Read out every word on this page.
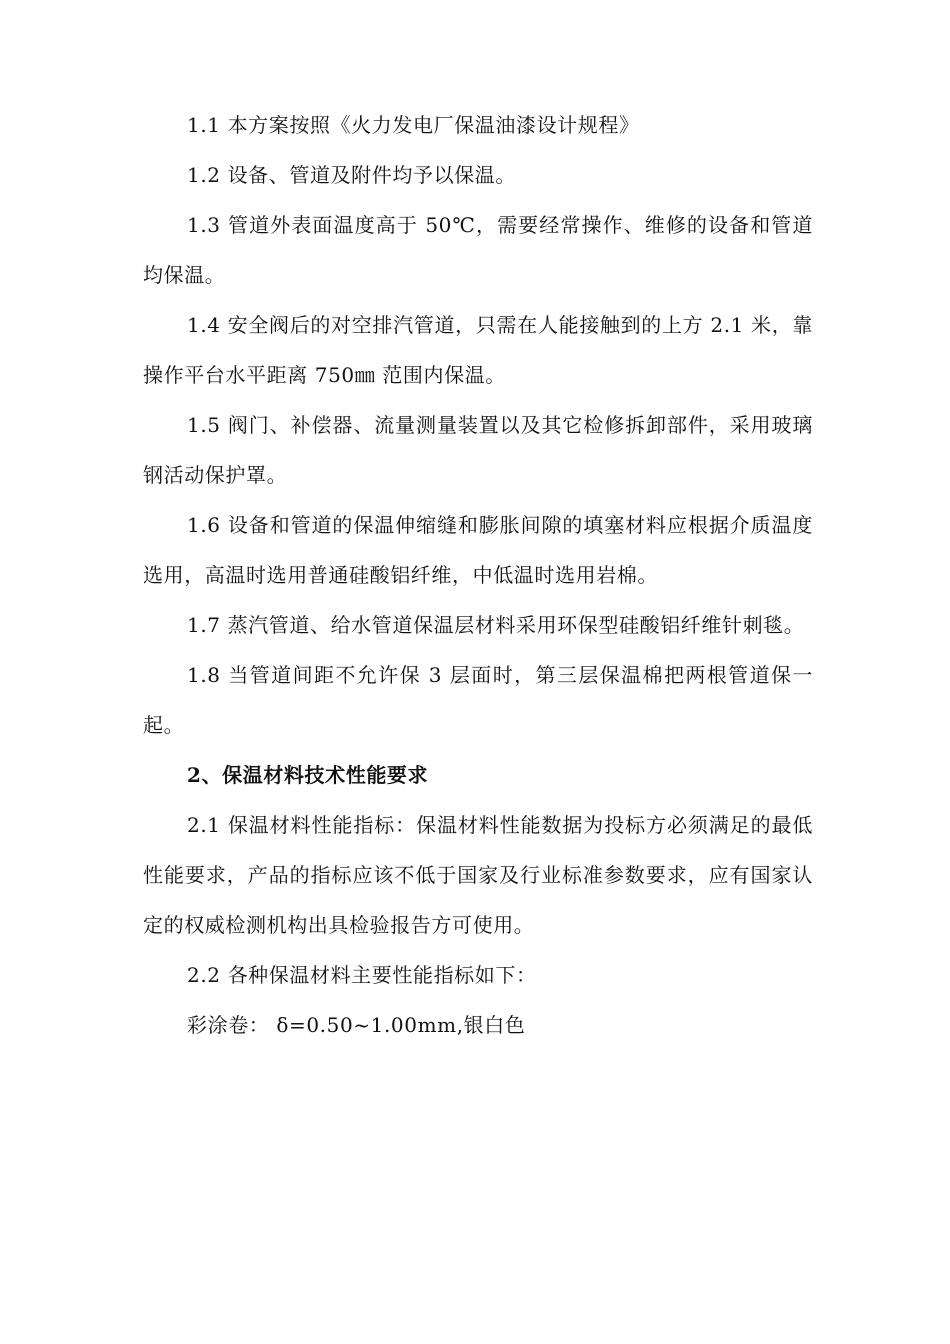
1.1 本方案按照《火力发电厂保温油漆设计规程》

1.2 设备、管道及附件均予以保温。

1.3 管道外表面温度高于 50℃，需要经常操作、维修的设备和管道均保温。

1.4 安全阀后的对空排汽管道，只需在人能接触到的上方 2.1 米，靠操作平台水平距离 750㎜ 范围内保温。

1.5 阀门、补偿器、流量测量装置以及其它检修拆卸部件，采用玻璃钢活动保护罩。

1.6 设备和管道的保温伸缩缝和膨胀间隙的填塞材料应根据介质温度选用，高温时选用普通硅酸铝纤维，中低温时选用岩棉。

1.7 蒸汽管道、给水管道保温层材料采用环保型硅酸铝纤维针刺毯。

1.8 当管道间距不允许保 3 层面时，第三层保温棉把两根管道保一起。

2、保温材料技术性能要求

2.1 保温材料性能指标：保温材料性能数据为投标方必须满足的最低性能要求，产品的指标应该不低于国家及行业标准参数要求，应有国家认定的权威检测机构出具检验报告方可使用。

2.2 各种保温材料主要性能指标如下：

彩涂卷： δ=0.50~1.00mm,银白色
